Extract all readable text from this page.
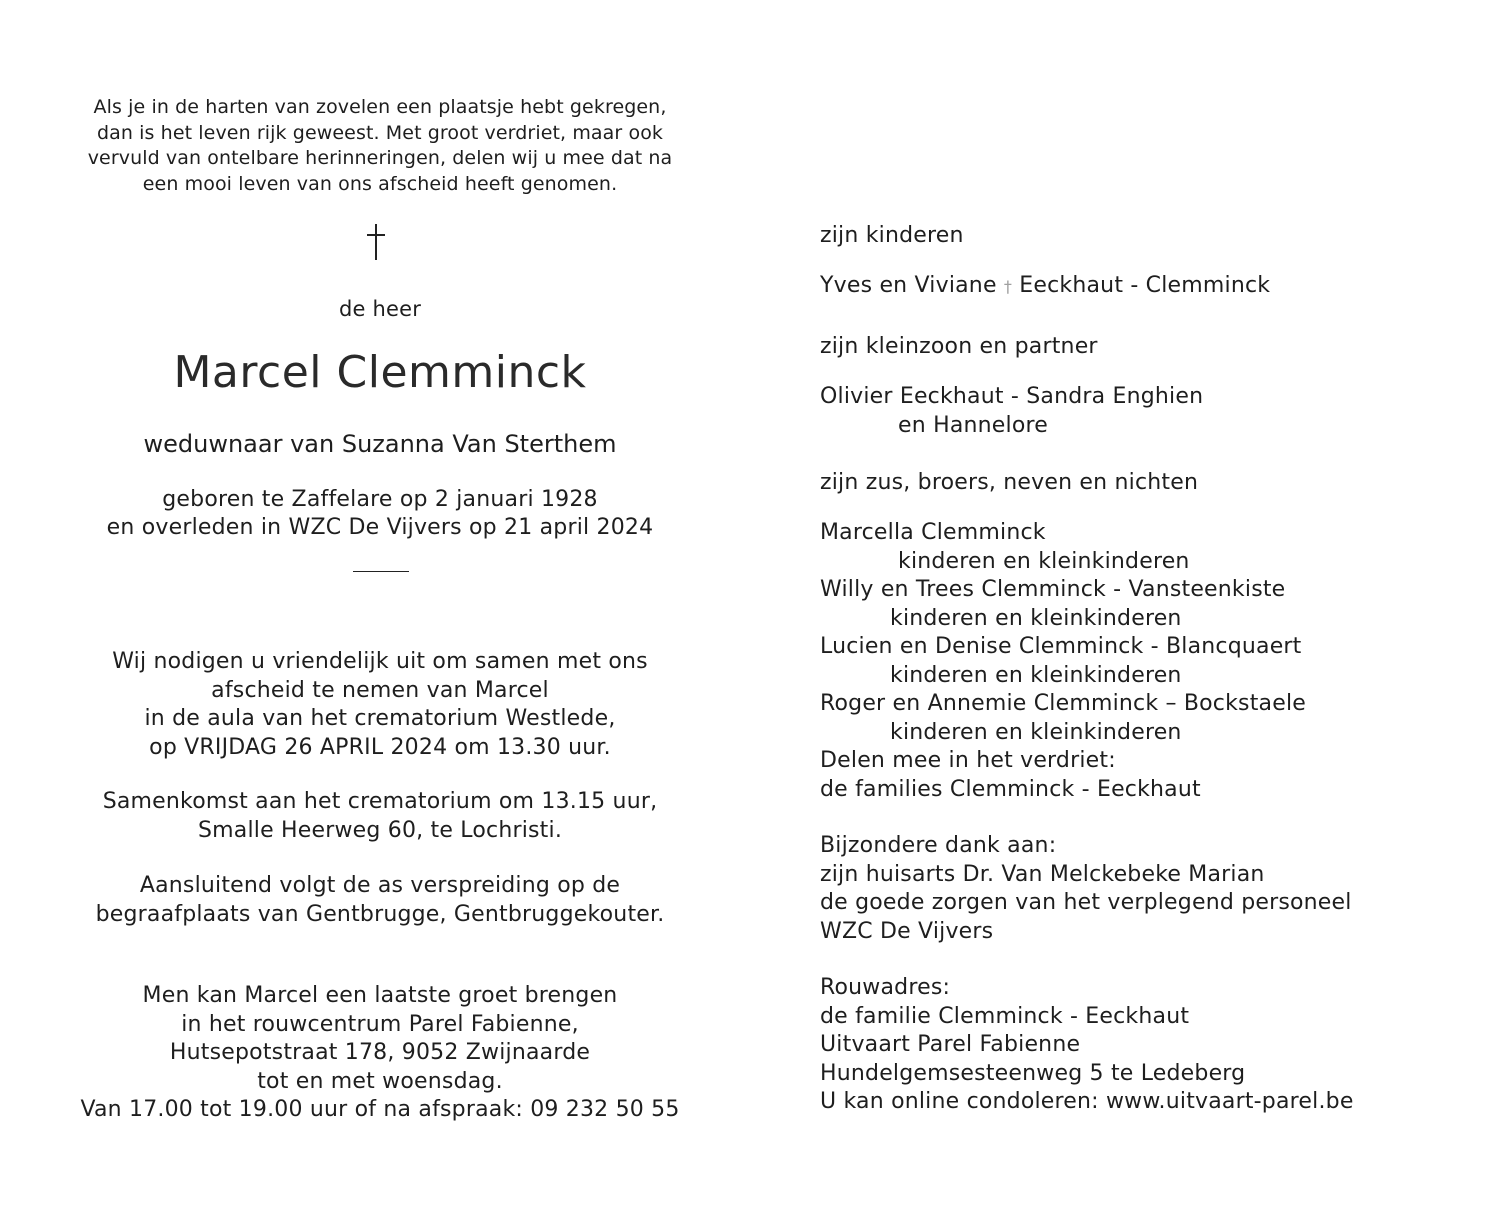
Als je in de harten van zovelen een plaatsje hebt gekregen,
dan is het leven rijk geweest. Met groot verdriet, maar ook
vervuld van ontelbare herinneringen, delen wij u mee dat na
een mooi leven van ons afscheid heeft genomen.
de heer
Marcel Clemminck
weduwnaar van Suzanna Van Sterthem
geboren te Zaffelare op 2 januari 1928
en overleden in WZC De Vijvers op 21 april 2024
Wij nodigen u vriendelijk uit om samen met ons
afscheid te nemen van Marcel
in de aula van het crematorium Westlede,
op VRIJDAG 26 APRIL 2024 om 13.30 uur.
Samenkomst aan het crematorium om 13.15 uur,
Smalle Heerweg 60, te Lochristi.
Aansluitend volgt de as verspreiding op de
begraafplaats van Gentbrugge, Gentbruggekouter.
Men kan Marcel een laatste groet brengen
in het rouwcentrum Parel Fabienne,
Hutsepotstraat 178, 9052 Zwijnaarde
tot en met woensdag.
Van 17.00 tot 19.00 uur of na afspraak: 09 232 50 55
zijn kinderen
Yves en Viviane † Eeckhaut - Clemminck
zijn kleinzoon en partner
Olivier Eeckhaut - Sandra Enghien
en Hannelore
zijn zus, broers, neven en nichten
Marcella Clemminck
kinderen en kleinkinderen
Willy en Trees Clemminck - Vansteenkiste
kinderen en kleinkinderen
Lucien en Denise Clemminck - Blancquaert
kinderen en kleinkinderen
Roger en Annemie Clemminck – Bockstaele
kinderen en kleinkinderen
Delen mee in het verdriet:
de families Clemminck - Eeckhaut
Bijzondere dank aan:
zijn huisarts Dr. Van Melckebeke Marian
de goede zorgen van het verplegend personeel
WZC De Vijvers
Rouwadres:
de familie Clemminck - Eeckhaut
Uitvaart Parel Fabienne
Hundelgemsesteenweg 5 te Ledeberg
U kan online condoleren: www.uitvaart-parel.be
